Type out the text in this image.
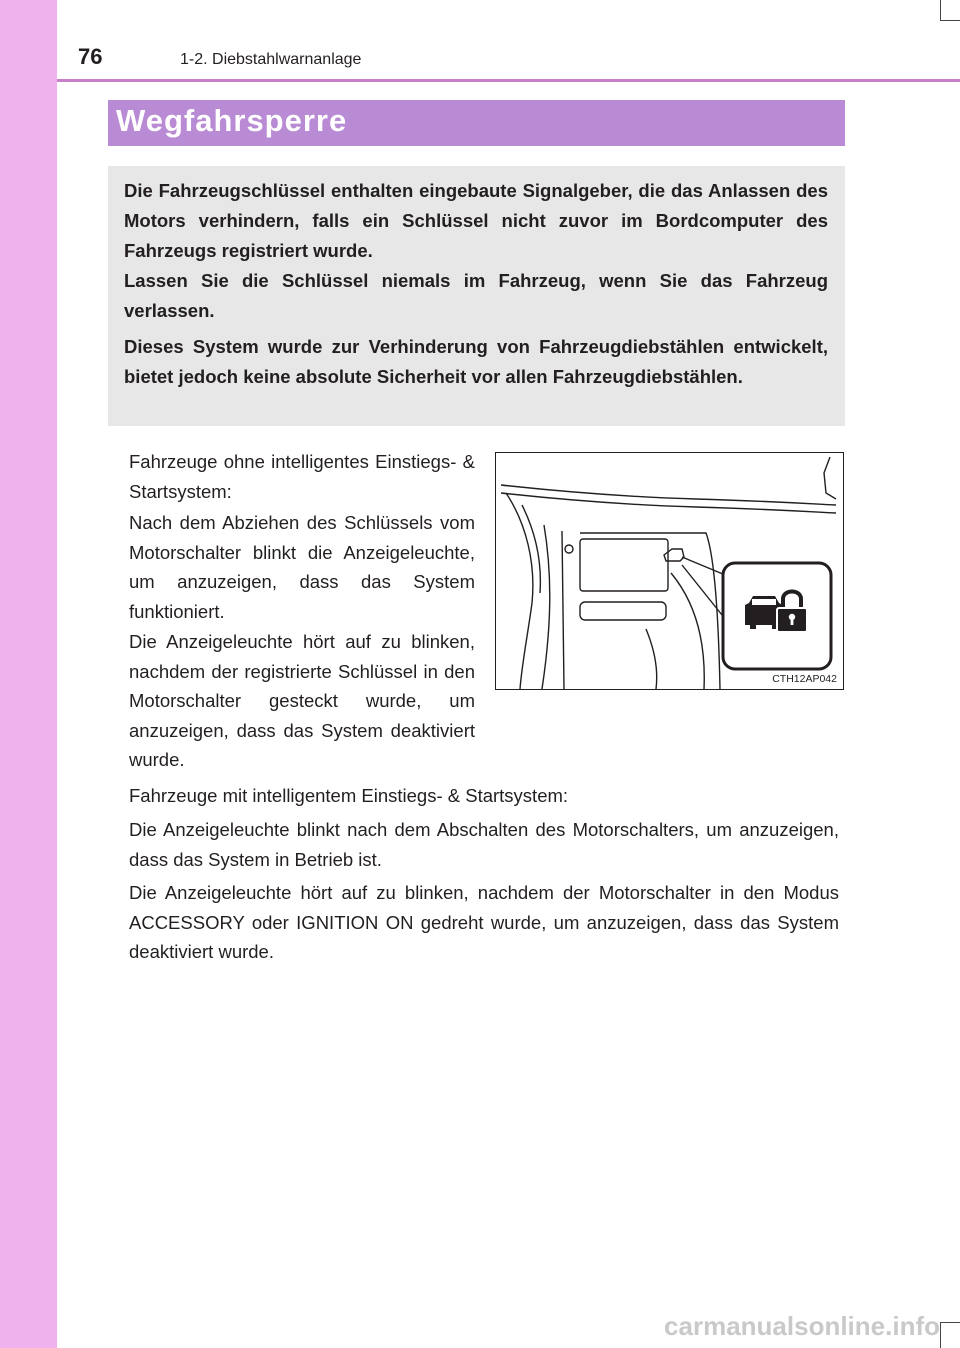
76	1-2. Diebstahlwarnanlage
Wegfahrsperre

Die Fahrzeugschlüssel enthalten eingebaute Signalgeber, die das Anlassen des Motors verhindern, falls ein Schlüssel nicht zuvor im Bordcomputer des Fahrzeugs registriert wurde.

Lassen Sie die Schlüssel niemals im Fahrzeug, wenn Sie das Fahrzeug verlassen.

Dieses System wurde zur Verhinderung von Fahrzeugdiebstählen entwickelt, bietet jedoch keine absolute Sicherheit vor allen Fahrzeugdiebstählen.

Fahrzeuge ohne intelligentes Einstiegs- & Startsystem:

Nach dem Abziehen des Schlüssels vom Motorschalter blinkt die Anzeigeleuchte, um anzuzeigen, dass das System funktioniert.

Die Anzeigeleuchte hört auf zu blinken, nachdem der registrierte Schlüssel in den Motorschalter gesteckt wurde, um anzuzeigen, dass das System deaktiviert wurde.

Fahrzeuge mit intelligentem Einstiegs- & Startsystem:

Die Anzeigeleuchte blinkt nach dem Abschalten des Motorschalters, um anzuzeigen, dass das System in Betrieb ist.

Die Anzeigeleuchte hört auf zu blinken, nachdem der Motorschalter in den Modus ACCESSORY oder IGNITION ON gedreht wurde, um anzuzeigen, dass das System deaktiviert wurde.

CTH12AP042
carmanualsonline.info
